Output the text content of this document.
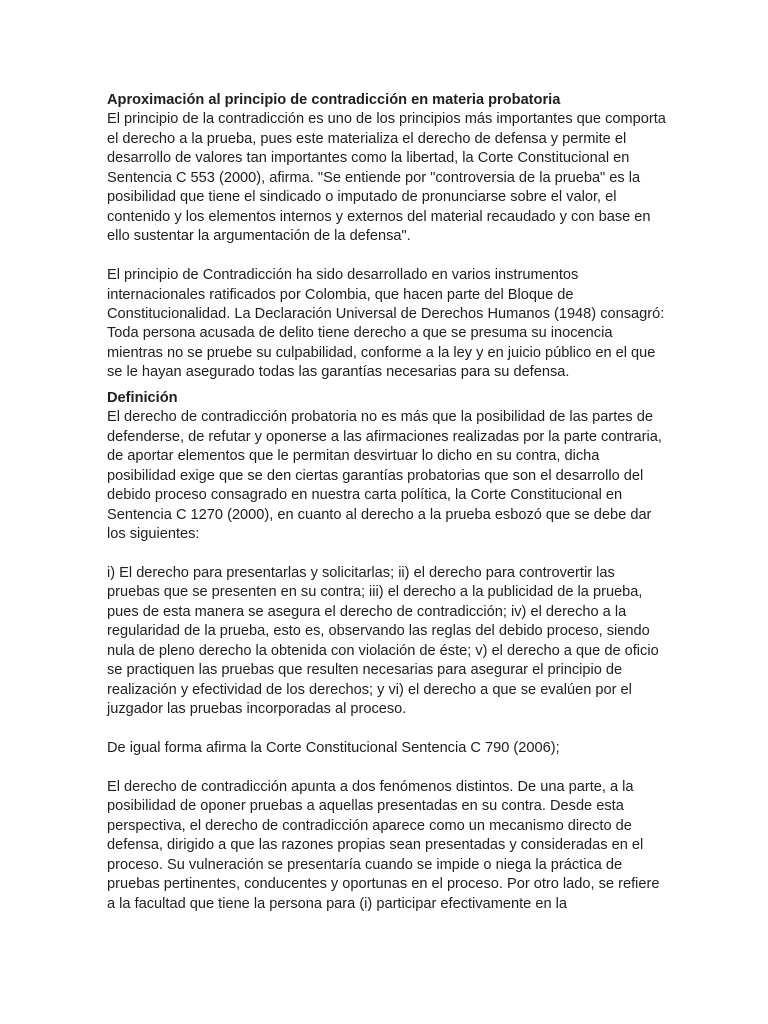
Aproximación al principio de contradicción en materia probatoria

El principio de la contradicción es uno de los principios más importantes que comporta el derecho a la prueba, pues este materializa el derecho de defensa y permite el desarrollo de valores tan importantes como la libertad, la Corte Constitucional en Sentencia C 553 (2000), afirma. "Se entiende por "controversia de la prueba" es la posibilidad que tiene el sindicado o imputado de pronunciarse sobre el valor, el contenido y los elementos internos y externos del material recaudado y con base en ello sustentar la argumentación de la defensa".

El principio de Contradicción ha sido desarrollado en varios instrumentos internacionales ratificados por Colombia, que hacen parte del Bloque de Constitucionalidad. La Declaración Universal de Derechos Humanos (1948) consagró: Toda persona acusada de delito tiene derecho a que se presuma su inocencia mientras no se pruebe su culpabilidad, conforme a la ley y en juicio público en el que se le hayan asegurado todas las garantías necesarias para su defensa.

Definición

El derecho de contradicción probatoria no es más que la posibilidad de las partes de defenderse, de refutar y oponerse a las afirmaciones realizadas por la parte contraria, de aportar elementos que le permitan desvirtuar lo dicho en su contra, dicha posibilidad exige que se den ciertas garantías probatorias que son el desarrollo del debido proceso consagrado en nuestra carta política, la Corte Constitucional en Sentencia C 1270 (2000), en cuanto al derecho a la prueba esbozó que se debe dar los siguientes:

i) El derecho para presentarlas y solicitarlas; ii) el derecho para controvertir las pruebas que se presenten en su contra; iii) el derecho a la publicidad de la prueba, pues de esta manera se asegura el derecho de contradicción; iv) el derecho a la regularidad de la prueba, esto es, observando las reglas del debido proceso, siendo nula de pleno derecho la obtenida con violación de éste; v) el derecho a que de oficio se practiquen las pruebas que resulten necesarias para asegurar el principio de realización y efectividad de los derechos; y vi) el derecho a que se evalúen por el juzgador las pruebas incorporadas al proceso.

De igual forma afirma la Corte Constitucional Sentencia C 790 (2006);

El derecho de contradicción apunta a dos fenómenos distintos. De una parte, a la posibilidad de oponer pruebas a aquellas presentadas en su contra. Desde esta perspectiva, el derecho de contradicción aparece como un mecanismo directo de defensa, dirigido a que las razones propias sean presentadas y consideradas en el proceso. Su vulneración se presentaría cuando se impide o niega la práctica de pruebas pertinentes, conducentes y oportunas en el proceso. Por otro lado, se refiere a la facultad que tiene la persona para (i) participar efectivamente en la
